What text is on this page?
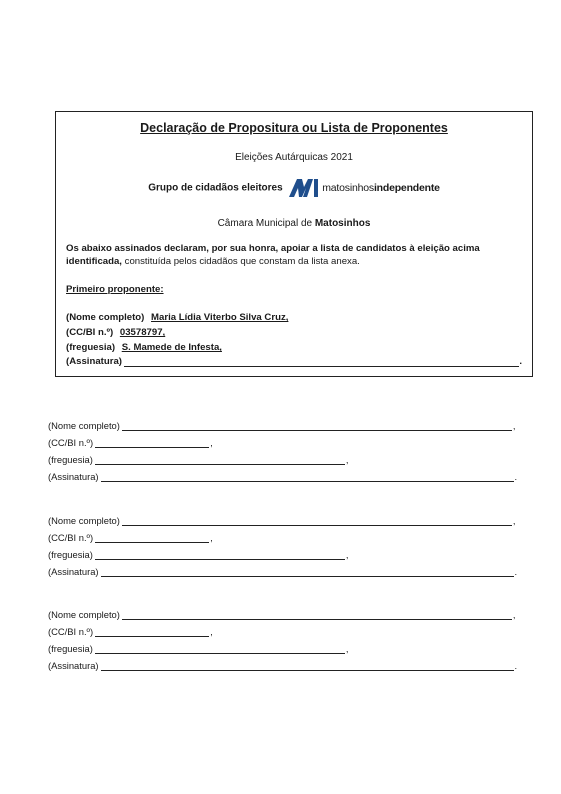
Declaração de Propositura ou Lista de Proponentes
Eleições Autárquicas 2021
Grupo de cidadãos eleitores	matosinhosindependente
Câmara Municipal de Matosinhos
Os abaixo assinados declaram, por sua honra, apoiar a lista de candidatos à eleição acima identificada, constituída pelos cidadãos que constam da lista anexa.
Primeiro proponente:
(Nome completo) Maria Lídia Viterbo Silva Cruz,
(CC/BI n.º) 03578797,
(freguesia) S. Mamede de Infesta,
(Assinatura)	.
(Nome completo)	,
(CC/BI n.º)	,
(freguesia)	,
(Assinatura)	.
(Nome completo)	,
(CC/BI n.º)	,
(freguesia)	,
(Assinatura)	.
(Nome completo)	,
(CC/BI n.º)	,
(freguesia)	,
(Assinatura)	.
